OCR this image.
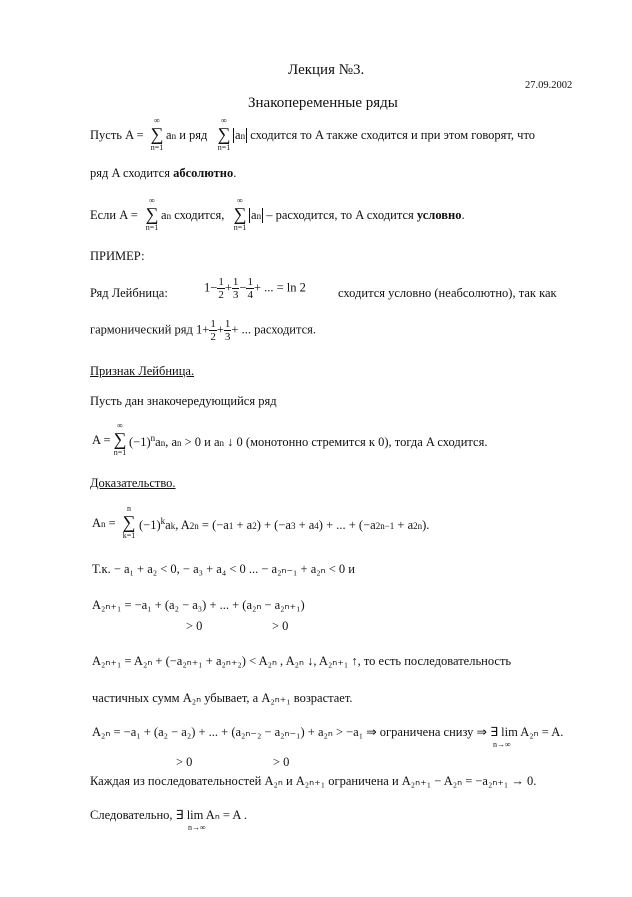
Лекция №3.
27.09.2002
Знакопеременные ряды
Пусть A =
∞
∑
n=1
an и ряд
∞
∑
n=1
an сходится то A также сходится и при этом говорят, что
ряд A сходится абсолютно.
Если A =
∞
∑
n=1
an сходится,
∞
∑
n=1
an – расходится, то A сходится условно.
ПРИМЕР:
Ряд Лейбница:	$1- \frac{1}{2} + \frac{1}{3} - \frac{1}{4}$ + ... = ln 2	сходится условно (неабсолютно), так как
гармонический ряд $1+ \frac{1}{2} + \frac{1}{3}$ + ... расходится.
Признак Лейбница.
Пусть дан знакочередующийся ряд
A =
∞
∑
n=1
$(-1)^nan$, an > 0 и an ↓ 0 (монотонно стремится к 0), тогда A сходится.
Доказательство.
An =
n
∑
k=1
$(-1)^kak$, A2n = (−a1 + a2) + (−a3 + a4) + ... + (−a2n−1 + a2n).
Т.к. − a₁ + a₂ < 0, − a₃ + a₄ < 0 ... − a₂ₙ₋₁ + a₂ₙ < 0 и
A₂ₙ₊₁ = −a₁ + (a₂ − a₃) + ... + (a₂ₙ − a₂ₙ₊₁)
> 0	> 0
A₂ₙ₊₁ = A₂ₙ + (−a₂ₙ₊₁ + a₂ₙ₊₂) < A₂ₙ , A₂ₙ ↓, A₂ₙ₊₁ ↑, то есть последовательность
частичных сумм A₂ₙ убывает, а A₂ₙ₊₁ возрастает.
A₂ₙ = −a₁ + (a₂ − a₂) + ... + (a₂ₙ₋₂ − a₂ₙ₋₁) + a₂ₙ > −a₁ ⇒ ограничена снизу ⇒ ∃ lim A₂ₙ = A.
n→∞
> 0	> 0
Каждая из последовательностей A₂ₙ и A₂ₙ₊₁ ограничена и A₂ₙ₊₁ − A₂ₙ = −a₂ₙ₊₁ → 0.
Следовательно, ∃ lim Aₙ = A .
n→∞
